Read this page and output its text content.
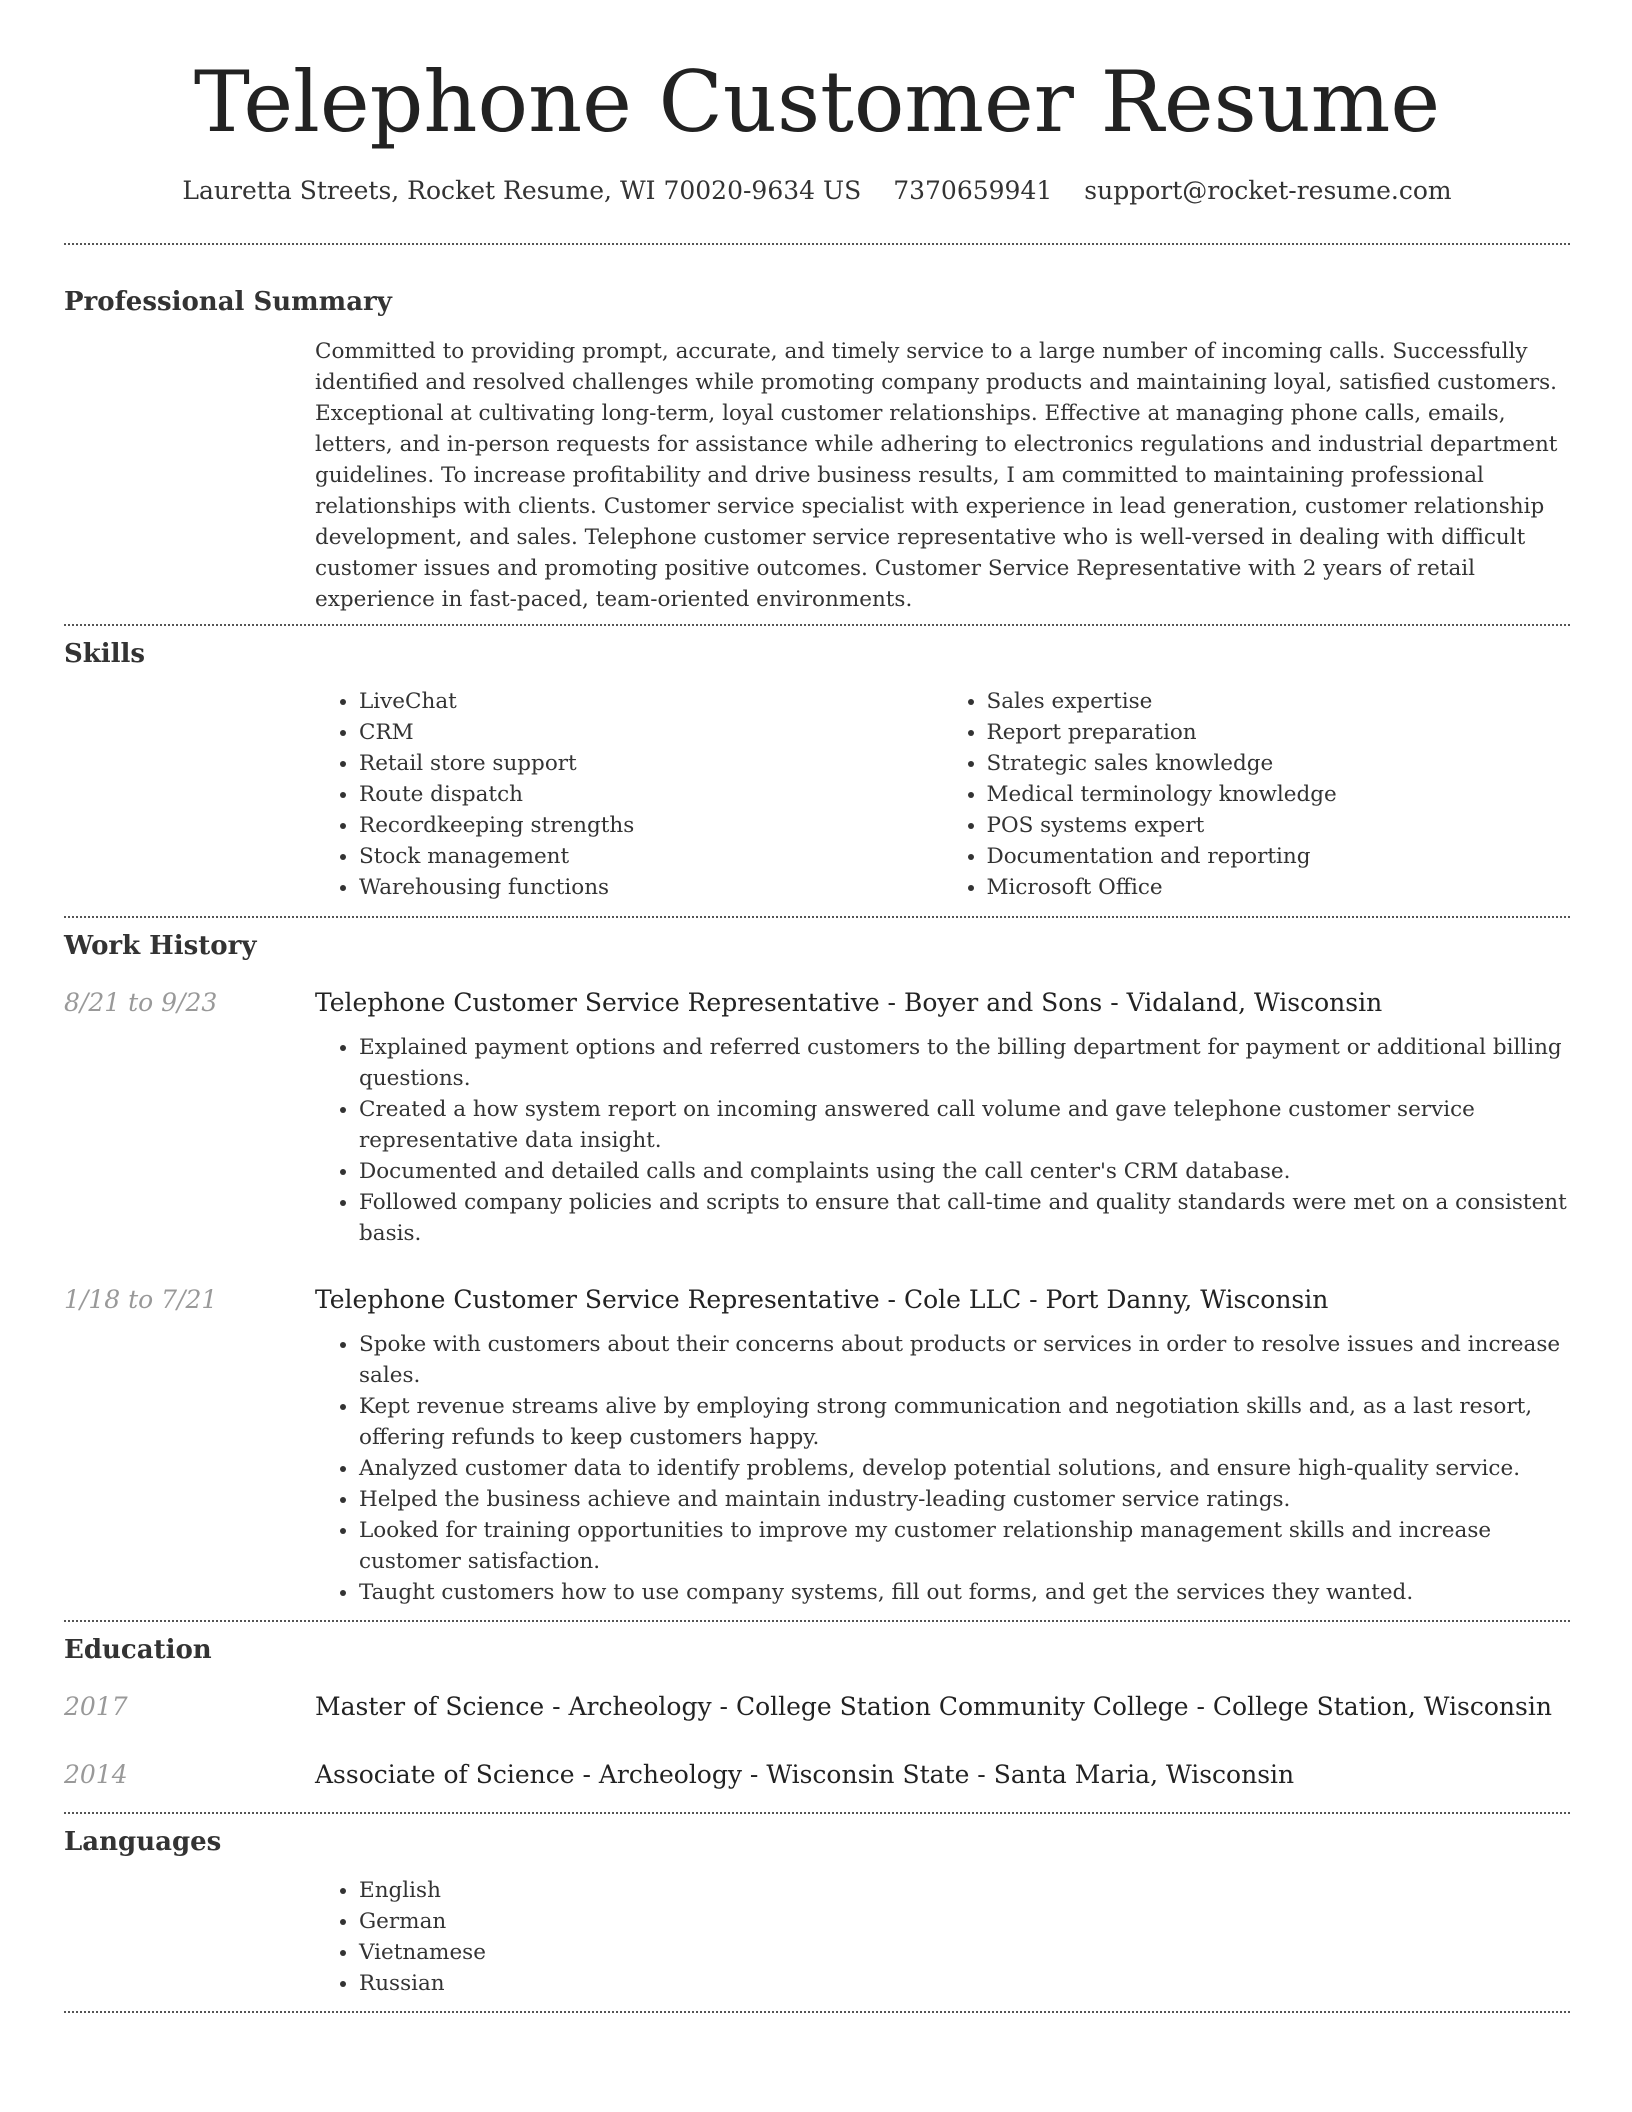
Telephone Customer Resume
Lauretta Streets, Rocket Resume, WI 70020-9634 US 7370659941 support@rocket-resume.com
Professional Summary
Committed to providing prompt, accurate, and timely service to a large number of incoming calls. Successfully identified and resolved challenges while promoting company products and maintaining loyal, satisfied customers. Exceptional at cultivating long-term, loyal customer relationships. Effective at managing phone calls, emails, letters, and in-person requests for assistance while adhering to electronics regulations and industrial department guidelines. To increase profitability and drive business results, I am committed to maintaining professional relationships with clients. Customer service specialist with experience in lead generation, customer relationship development, and sales. Telephone customer service representative who is well-versed in dealing with difficult customer issues and promoting positive outcomes. Customer Service Representative with 2 years of retail experience in fast-paced, team-oriented environments.
Skills
• LiveChat
• CRM
• Retail store support
• Route dispatch
• Recordkeeping strengths
• Stock management
• Warehousing functions
• Sales expertise
• Report preparation
• Strategic sales knowledge
• Medical terminology knowledge
• POS systems expert
• Documentation and reporting
• Microsoft Office
Work History
8/21 to 9/23	Telephone Customer Service Representative - Boyer and Sons - Vidaland, Wisconsin
• Explained payment options and referred customers to the billing department for payment or additional billing questions.
• Created a how system report on incoming answered call volume and gave telephone customer service representative data insight.
• Documented and detailed calls and complaints using the call center's CRM database.
• Followed company policies and scripts to ensure that call-time and quality standards were met on a consistent basis.
1/18 to 7/21	Telephone Customer Service Representative - Cole LLC - Port Danny, Wisconsin
• Spoke with customers about their concerns about products or services in order to resolve issues and increase sales.
• Kept revenue streams alive by employing strong communication and negotiation skills and, as a last resort, offering refunds to keep customers happy.
• Analyzed customer data to identify problems, develop potential solutions, and ensure high-quality service.
• Helped the business achieve and maintain industry-leading customer service ratings.
• Looked for training opportunities to improve my customer relationship management skills and increase customer satisfaction.
• Taught customers how to use company systems, fill out forms, and get the services they wanted.
Education
2017	Master of Science - Archeology - College Station Community College - College Station, Wisconsin
2014	Associate of Science - Archeology - Wisconsin State - Santa Maria, Wisconsin
Languages
• English
• German
• Vietnamese
• Russian
